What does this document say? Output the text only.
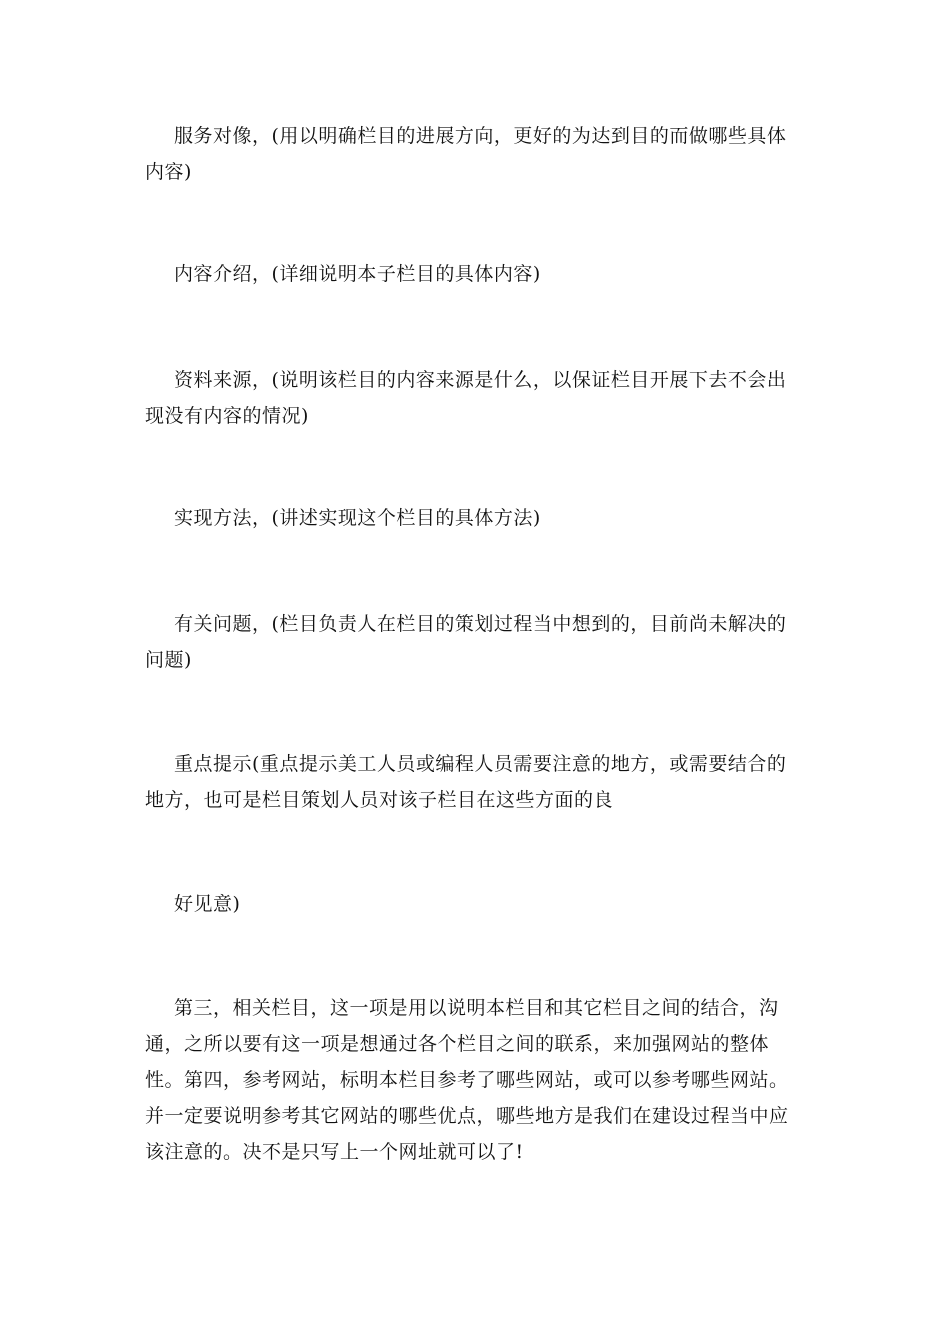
服务对像，(用以明确栏目的进展方向，更好的为达到目的而做哪些具体内容)

内容介绍，(详细说明本子栏目的具体内容)

资料来源，(说明该栏目的内容来源是什么，以保证栏目开展下去不会出现没有内容的情况)

实现方法，(讲述实现这个栏目的具体方法)

有关问题，(栏目负责人在栏目的策划过程当中想到的，目前尚未解决的问题)

重点提示(重点提示美工人员或编程人员需要注意的地方，或需要结合的地方，也可是栏目策划人员对该子栏目在这些方面的良

好见意)

第三，相关栏目，这一项是用以说明本栏目和其它栏目之间的结合，沟通，之所以要有这一项是想通过各个栏目之间的联系，来加强网站的整体性。第四，参考网站，标明本栏目参考了哪些网站，或可以参考哪些网站。并一定要说明参考其它网站的哪些优点，哪些地方是我们在建设过程当中应该注意的。决不是只写上一个网址就可以了!
